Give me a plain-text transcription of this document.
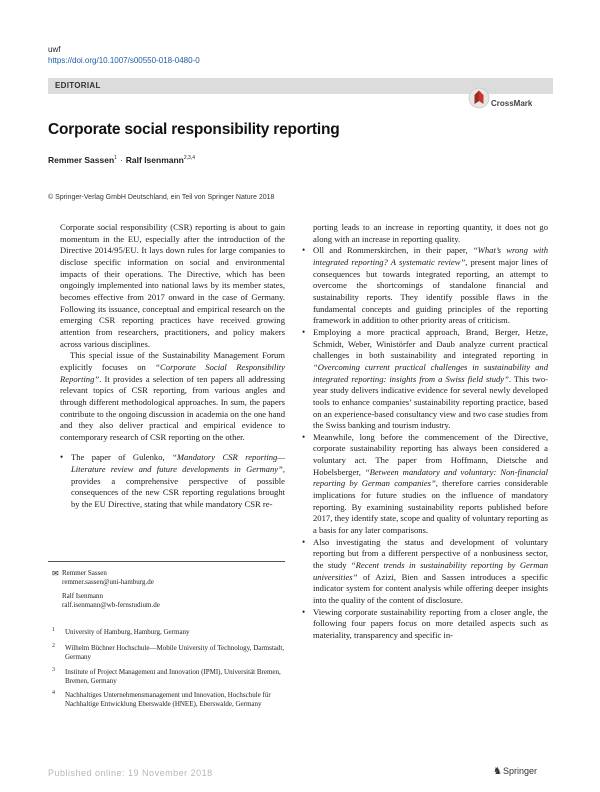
uwf
https://doi.org/10.1007/s00550-018-0480-0
EDITORIAL
CrossMark
Corporate social responsibility reporting
Remmer Sassen$^1$ · Ralf Isenmann$^{2,3,4}$
© Springer-Verlag GmbH Deutschland, ein Teil von Springer Nature 2018

Corporate social responsibility (CSR) reporting is about to gain momentum in the EU, especially after the introduction of the Directive 2014/95/EU. It lays down rules for large companies to disclose specific information on social and environmental impacts of their operations. The Directive, which has been ongoingly implemented into national laws by its member states, becomes effective from 2017 onward in the case of Germany. Following its issuance, conceptual and empirical research on the emerging CSR reporting practices have received growing attention from researchers, practitioners, and policy makers across various disciplines.

This special issue of the Sustainability Management Forum explicitly focuses on “Corporate Social Responsibility Reporting”. It provides a selection of ten papers all addressing relevant topics of CSR reporting, from various angles and through different methodological approaches. In sum, the papers contribute to the ongoing discussion in academia on the one hand and they also deliver practical and empirical evidence to contemporary research of CSR reporting on the other.

• The paper of Gulenko, “Mandatory CSR reporting—Literature review and future developments in Germany”, provides a comprehensive perspective of possible consequences of the new CSR reporting regulations brought by the EU Directive, stating that while mandatory CSR re-

porting leads to an increase in reporting quantity, it does not go along with an increase in reporting quality.

• Oll and Rommerskirchen, in their paper, “What’s wrong with integrated reporting? A systematic review”, present major lines of consequences but towards integrated reporting, an attempt to overcome the shortcomings of standalone financial and sustainability reports. They identify possible flaws in the fundamental concepts and guiding principles of the reporting framework in addition to other priority areas of criticism.
• Employing a more practical approach, Brand, Berger, Hetze, Schmidt, Weber, Winistörfer and Daub analyze current practical challenges in both sustainability and integrated reporting in “Overcoming current practical challenges in sustainability and integrated reporting: insights from a Swiss field study”. This two-year study delivers indicative evidence for several newly developed tools to enhance companies’ sustainability reporting practice, based on an experience-based consultancy view and two case studies from the Swiss banking and tourism industry.
• Meanwhile, long before the commencement of the Directive, corporate sustainability reporting has always been considered a voluntary act. The paper from Hoffmann, Dietsche and Hobelsberger, “Between mandatory and voluntary: Non-financial reporting by German companies”, therefore carries considerable implications for future studies on the influence of mandatory reporting. By examining sustainability reports published before 2017, they identify state, scope and quality of voluntary reporting as a basis for any later comparisons.
• Also investigating the status and development of voluntary reporting but from a different perspective of a nonbusiness sector, the study “Recent trends in sustainability reporting by German universities” of Azizi, Bien and Sassen introduces a specific indicator system for content analysis while offering deeper insights into the quality of the content of disclosure.
• Viewing corporate sustainability reporting from a closer angle, the following four papers focus on more detailed aspects such as materiality, transparency and specific in-
✉ Remmer Sassen
remmer.sassen@uni-hamburg.de
Ralf Isenmann
ralf.isenmann@wb-fernstudium.de
1 University of Hamburg, Hamburg, Germany
2 Wilhelm Büchner Hochschule—Mobile University of Technology, Darmstadt, Germany
3 Institute of Project Management and Innovation (IPMI), Universität Bremen, Bremen, Germany
4 Nachhaltiges Unternehmensmanagement und Innovation, Hochschule für Nachhaltige Entwicklung Eberswalde (HNEE), Eberswalde, Germany
Published online: 19 November 2018	♞Springer
